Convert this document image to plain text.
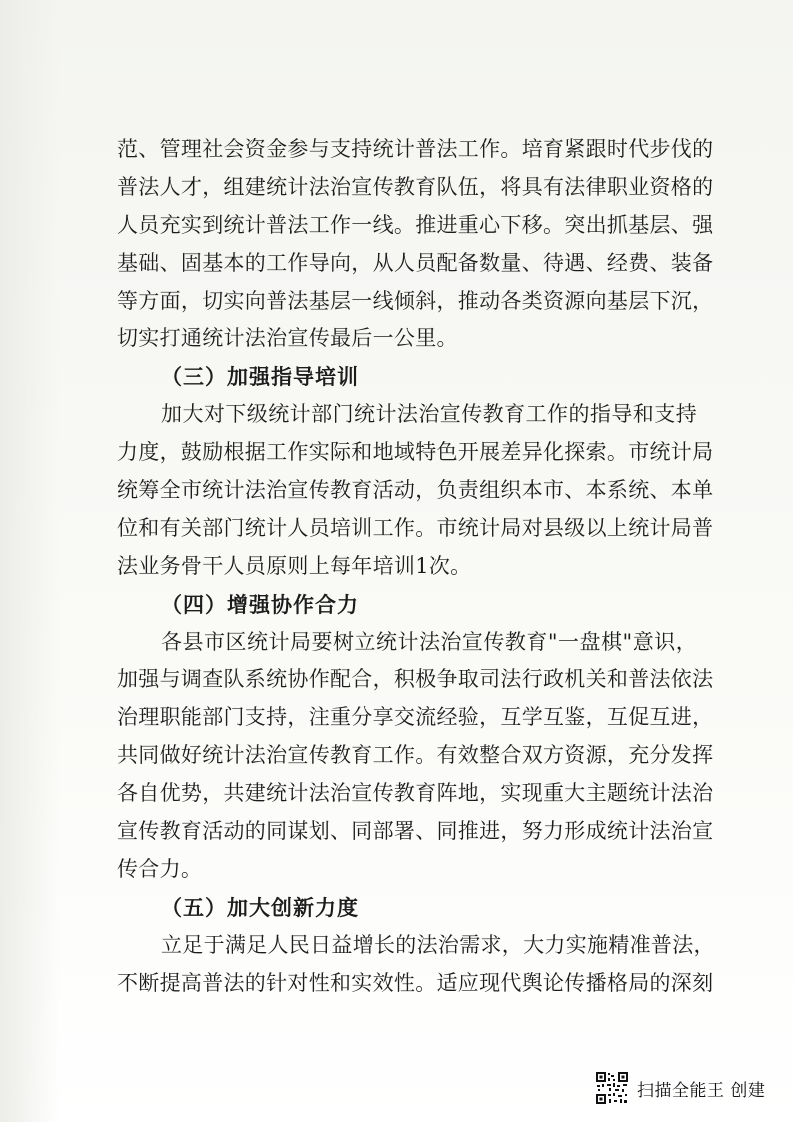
范、管理社会资金参与支持统计普法工作。培育紧跟时代步伐的
普法人才，组建统计法治宣传教育队伍，将具有法律职业资格的
人员充实到统计普法工作一线。推进重心下移。突出抓基层、强
基础、固基本的工作导向，从人员配备数量、待遇、经费、装备
等方面，切实向普法基层一线倾斜，推动各类资源向基层下沉，
切实打通统计法治宣传最后一公里。
（三）加强指导培训
加大对下级统计部门统计法治宣传教育工作的指导和支持
力度，鼓励根据工作实际和地域特色开展差异化探索。市统计局
统筹全市统计法治宣传教育活动，负责组织本市、本系统、本单
位和有关部门统计人员培训工作。市统计局对县级以上统计局普
法业务骨干人员原则上每年培训1次。
（四）增强协作合力
各县市区统计局要树立统计法治宣传教育"一盘棋"意识，
加强与调查队系统协作配合，积极争取司法行政机关和普法依法
治理职能部门支持，注重分享交流经验，互学互鉴，互促互进，
共同做好统计法治宣传教育工作。有效整合双方资源，充分发挥
各自优势，共建统计法治宣传教育阵地，实现重大主题统计法治
宣传教育活动的同谋划、同部署、同推进，努力形成统计法治宣
传合力。
（五）加大创新力度
立足于满足人民日益增长的法治需求，大力实施精准普法，
不断提高普法的针对性和实效性。适应现代舆论传播格局的深刻
扫描全能王 创建
